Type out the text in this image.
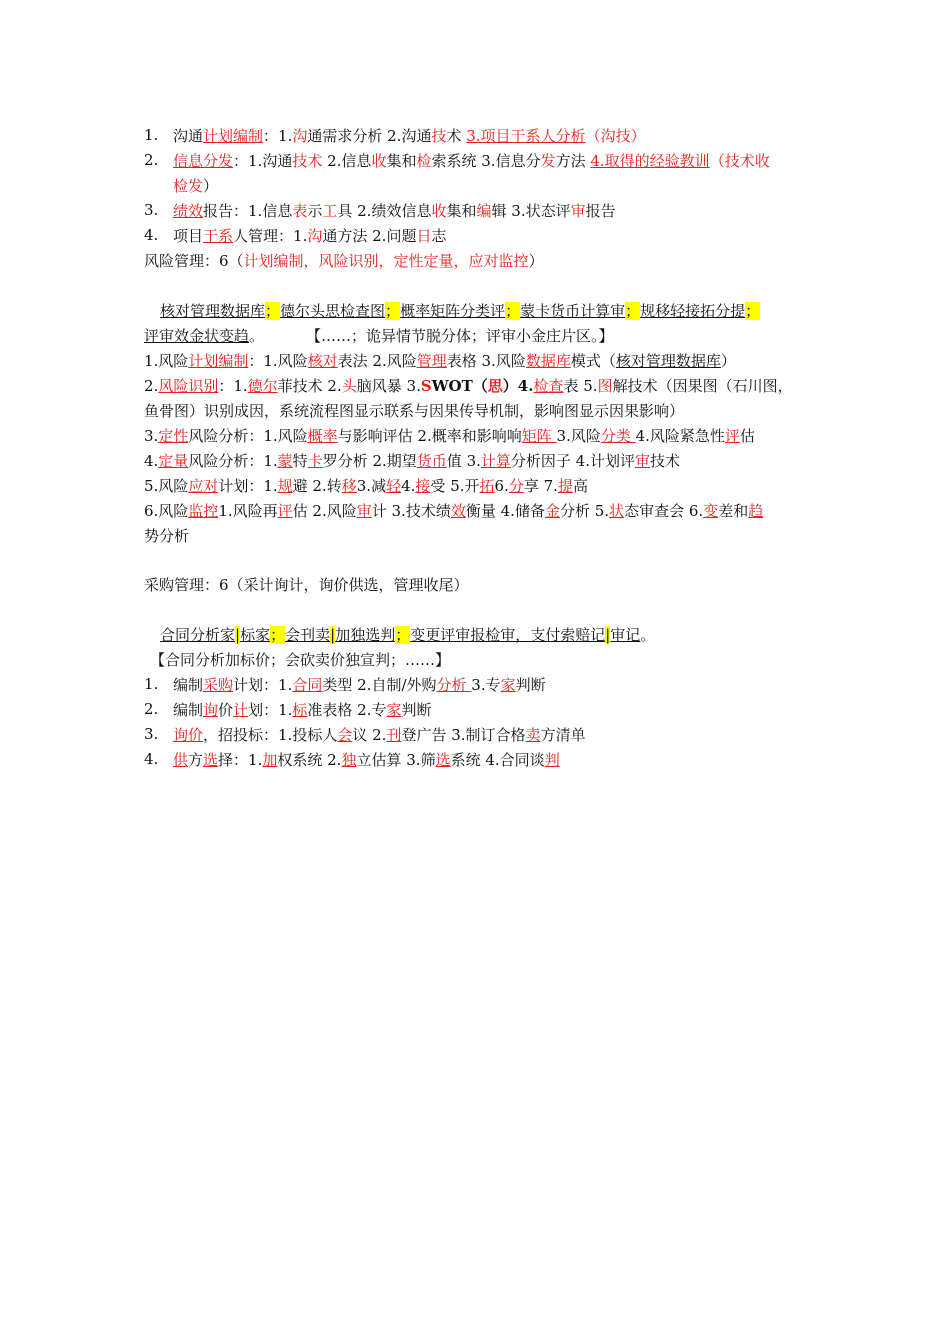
1. 沟通计划编制：1.沟通需求分析 2.沟通技术 3.项目干系人分析（沟技）
2. 信息分发：1.沟通技术 2.信息收集和检索系统 3.信息分发方法 4.取得的经验教训（技术收
检发）
3. 绩效报告：1.信息表示工具 2.绩效信息收集和编辑 3.状态评审报告
4. 项目干系人管理：1.沟通方法 2.问题日志
风险管理：6（计划编制，风险识别，定性定量，应对监控）
核对管理数据库；德尔头思检查图；概率矩阵分类评；蒙卡货币计算审；规移轻接拓分提；
评审效金状变趋。	【……；诡异情节脱分体；评审小金庄片区。】
1.风险计划编制：1.风险核对表法 2.风险管理表格 3.风险数据库模式（核对管理数据库）
2.风险识别：1.德尔菲技术 2.头脑风暴 3.SWOT（思）4.检查表 5.图解技术（因果图（石川图，
鱼骨图）识别成因，系统流程图显示联系与因果传导机制，影响图显示因果影响）
3.定性风险分析：1.风险概率与影响评估 2.概率和影响响矩阵 3.风险分类 4.风险紧急性评估
4.定量风险分析：1.蒙特卡罗分析 2.期望货币值 3.计算分析因子 4.计划评审技术
5.风险应对计划：1.规避 2.转移3.减轻4.接受 5.开拓6.分享 7.提高
6.风险监控1.风险再评估 2.风险审计 3.技术绩效衡量 4.储备金分析 5.状态审查会 6.变差和趋
势分析
采购管理：6（采计询计，询价供选，管理收尾）
合同分析家|标家；会刊卖|加独选判；变更评审报检审，支付索赔记|审记。
【合同分析加标价；会砍卖价独宣判；……】
1. 编制采购计划：1.合同类型 2.自制/外购分析 3.专家判断
2. 编制询价计划：1.标准表格 2.专家判断
3. 询价，招投标：1.投标人会议 2.刊登广告 3.制订合格卖方清单
4. 供方选择：1.加权系统 2.独立估算 3.筛选系统 4.合同谈判
